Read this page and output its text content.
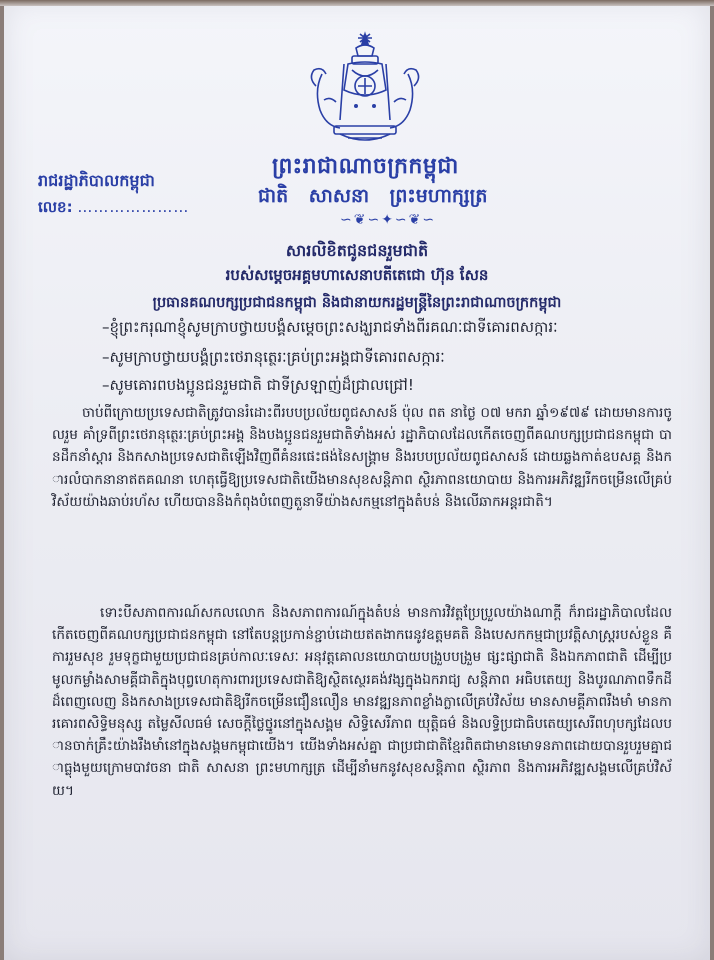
ព្រះរាជាណាចក្រកម្ពុជា
ជាតិ សាសនា ព្រះមហាក្សត្រ
∽❦∽✦∽❦∽
រាជរដ្ឋាភិបាលកម្ពុជា
លេខ: …………………
សារលិខិតជូនជនរួមជាតិ
របស់សម្តេចអគ្គមហាសេនាបតីតេជោ ហ៊ុន សែន
ប្រធានគណបក្សប្រជាជនកម្ពុជា និងជានាយករដ្ឋមន្ត្រីនៃព្រះរាជាណាចក្រកម្ពុជា
–ខ្ញុំព្រះករុណាខ្ញុំសូមក្រាបថ្វាយបង្គំសម្តេចព្រះសង្ឃរាជទាំងពីរគណៈជាទីគោរពសក្ការៈ
–សូមក្រាបថ្វាយបង្គំព្រះថេរានុត្ថេរៈគ្រប់ព្រះអង្គជាទីគោរពសក្ការៈ
–សូមគោរពបងប្អូនជនរួមជាតិ ជាទីស្រឡាញ់ដ៏ជ្រាលជ្រៅ!
ចាប់ពីក្រោយប្រទេសជាតិត្រូវបានរំដោះពីរបបប្រល័យពូជសាសន៍ ប៉ុល ពត នាថ្ងៃ ០៧ មករា ឆ្នាំ១៩៧៩ ដោយមានការចូលរួម គាំទ្រពីព្រះថេរានុត្ថេរៈគ្រប់ព្រះអង្គ និងបងប្អូនជនរួមជាតិទាំងអស់ រដ្ឋាភិបាលដែលកើតចេញពីគណបក្សប្រជាជនកម្ពុជា បានដឹកនាំស្តារ និងកសាងប្រទេសជាតិឡើងវិញពីគំនរផេះផង់នៃសង្រ្គាម និងរបបប្រល័យពូជសាសន៍ ដោយឆ្លងកាត់ឧបសគ្គ និងការលំបាកនានាឥតគណនា ហេតុធ្វើឱ្យប្រទេសជាតិយើងមានសុខសន្តិភាព ស្ថិរភាពនយោបាយ និងការអភិវឌ្ឍរីកចម្រើនលើគ្រប់វិស័យយ៉ាងឆាប់រហ័ស ហើយបាននិងកំពុងបំពេញតួនាទីយ៉ាងសកម្មនៅក្នុងតំបន់ និងលើឆាកអន្តរជាតិ។
ទោះបីសភាពការណ៍សកលលោក និងសភាពការណ៍ក្នុងតំបន់ មានការវិវត្តប្រែប្រួលយ៉ាងណាក្តី ក៏រាជរដ្ឋាភិបាលដែលកើតចេញពីគណបក្សប្រជាជនកម្ពុជា នៅតែបន្តប្រកាន់ខ្ជាប់ដោយឥតងាករេនូវឧត្តមគតិ និងបេសកកម្មជាប្រវត្តិសាស្ត្ររបស់ខ្លួន គឺការរួមសុខ រួមទុក្ខជាមួយប្រជាជនគ្រប់កាលៈទេសៈ អនុវត្តគោលនយោបាយបង្រួបបង្រួម ផ្សះផ្សាជាតិ និងឯកភាពជាតិ ដើម្បីប្រមូលកម្លាំងសាមគ្គីជាតិក្នុងបុព្វហេតុការពារប្រទេសជាតិឱ្យស្ថិតស្ថេរគង់វង្សក្នុងឯករាជ្យ សន្តិភាព អធិបតេយ្យ និងបូរណភាពទឹកដីដ៏ពេញលេញ និងកសាងប្រទេសជាតិឱ្យរីកចម្រើនជឿនលឿន មានវឌ្ឍនភាពខ្លាំងក្លាលើគ្រប់វិស័យ មានសាមគ្គីភាពរឹងមាំ មានការគោរពសិទ្ធិមនុស្ស តម្លៃសីលធម៌ សេចក្តីថ្លៃថ្នូរនៅក្នុងសង្គម សិទ្ធិសេរីភាព យុត្តិធម៌ និងលទ្ធិប្រជាធិបតេយ្យសេរីពហុបក្សដែលបានចាក់គ្រឹះយ៉ាងរឹងមាំនៅក្នុងសង្គមកម្ពុជាយើង។ យើងទាំងអស់គ្នា ជាប្រជាជាតិខ្មែរពិតជាមានមោទនភាពដោយបានរួបរួមគ្នាជាធ្លុងមួយក្រោមបាវចនា ជាតិ សាសនា ព្រះមហាក្សត្រ ដើម្បីនាំមកនូវសុខសន្តិភាព ស្ថិរភាព និងការអភិវឌ្ឍសង្គមលើគ្រប់វិស័យ។
